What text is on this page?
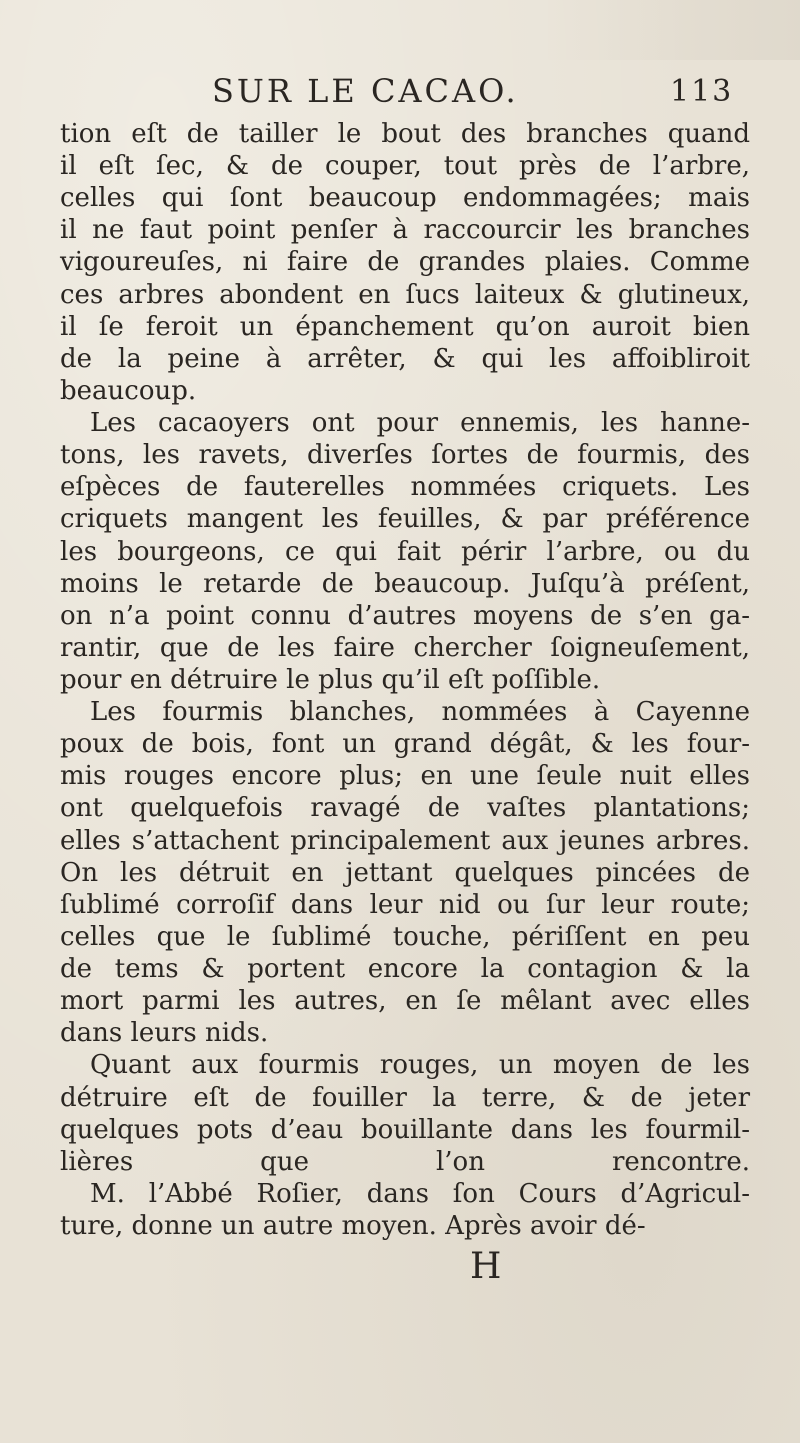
SUR LE CACAO.	113
tion eſt de tailler le bout des branches quand
il eſt ſec, & de couper, tout près de l’arbre,
celles qui ſont beaucoup endommagées; mais
il ne faut point penſer à raccourcir les branches
vigoureuſes, ni faire de grandes plaies. Comme
ces arbres abondent en ſucs laiteux & glutineux,
il ſe feroit un épanchement qu’on auroit bien
de la peine à arrêter, & qui les affoibliroit
beaucoup.
Les cacaoyers ont pour ennemis, les hanne-
tons, les ravets, diverſes ſortes de fourmis, des
eſpèces de fauterelles nommées criquets. Les
criquets mangent les feuilles, & par préférence
les bourgeons, ce qui fait périr l’arbre, ou du
moins le retarde de beaucoup. Juſqu’à préſent,
on n’a point connu d’autres moyens de s’en ga-
rantir, que de les faire chercher ſoigneuſement,
pour en détruire le plus qu’il eſt poſſible.
Les fourmis blanches, nommées à Cayenne
poux de bois, font un grand dégât, & les four-
mis rouges encore plus; en une ſeule nuit elles
ont quelquefois ravagé de vaſtes plantations;
elles s’attachent principalement aux jeunes arbres.
On les détruit en jettant quelques pincées de
ſublimé corroſif dans leur nid ou ſur leur route;
celles que le ſublimé touche, périſſent en peu
de tems & portent encore la contagion & la
mort parmi les autres, en ſe mêlant avec elles
dans leurs nids.
Quant aux fourmis rouges, un moyen de les
détruire eſt de fouiller la terre, & de jeter
quelques pots d’eau bouillante dans les fourmil-
lières que l’on rencontre.
M. l’Abbé Roſier, dans ſon Cours d’Agricul-
ture, donne un autre moyen. Après avoir dé-
H
